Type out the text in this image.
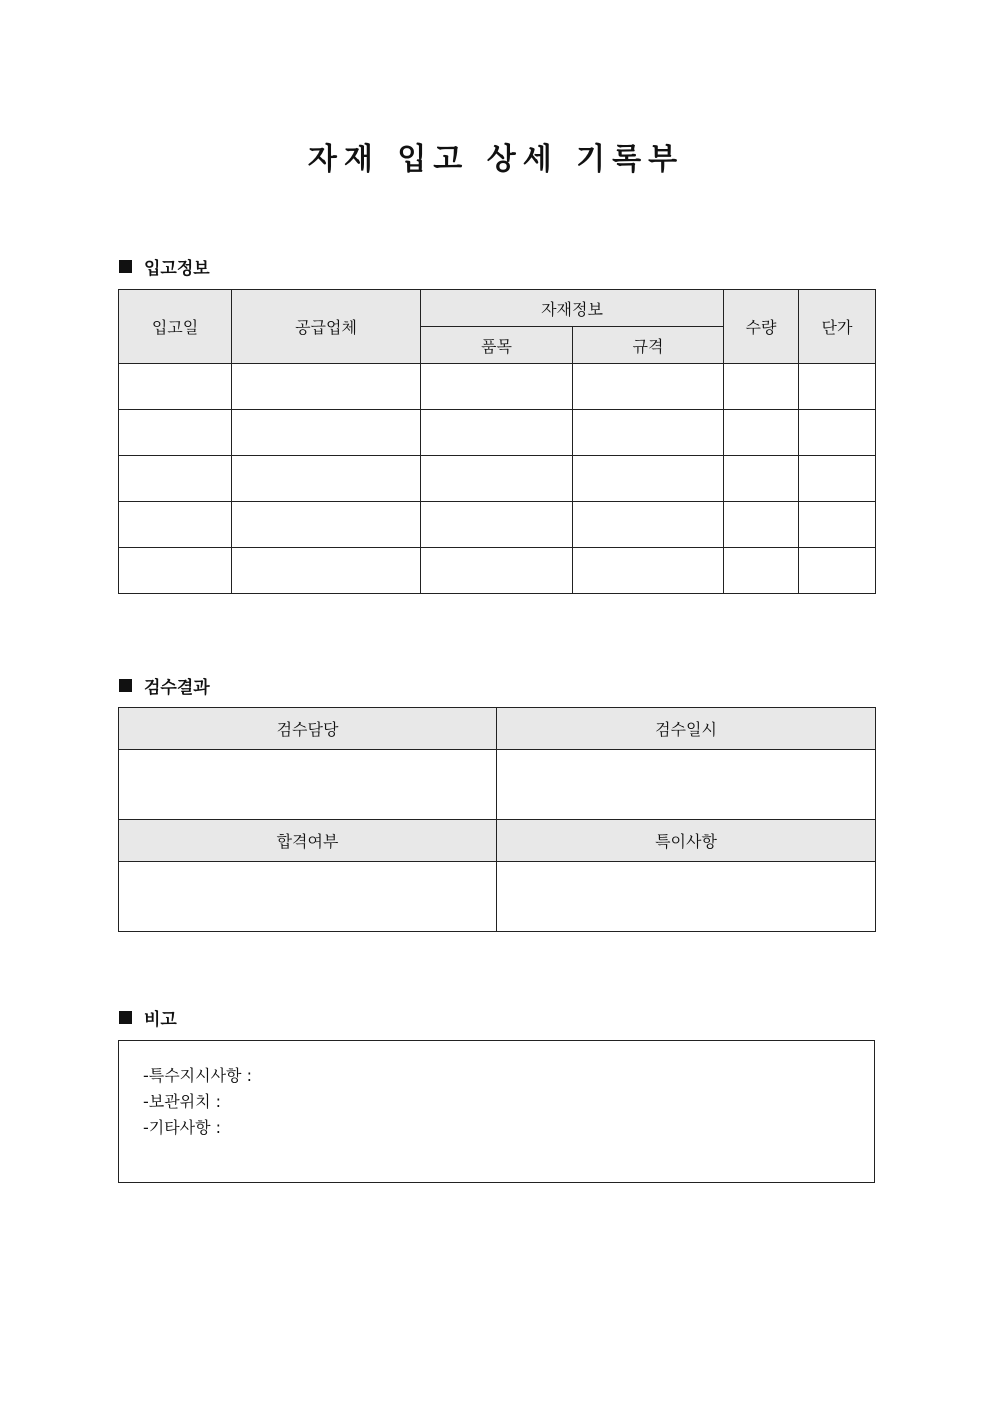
자재 입고 상세 기록부
입고정보
입고일	공급업체	자재정보		수량	단가
		품목	규격		

검수결과
검수담당	검수일시

합격여부	특이사항

비고
-특수지시사항 :
-보관위치 :
-기타사항 :
